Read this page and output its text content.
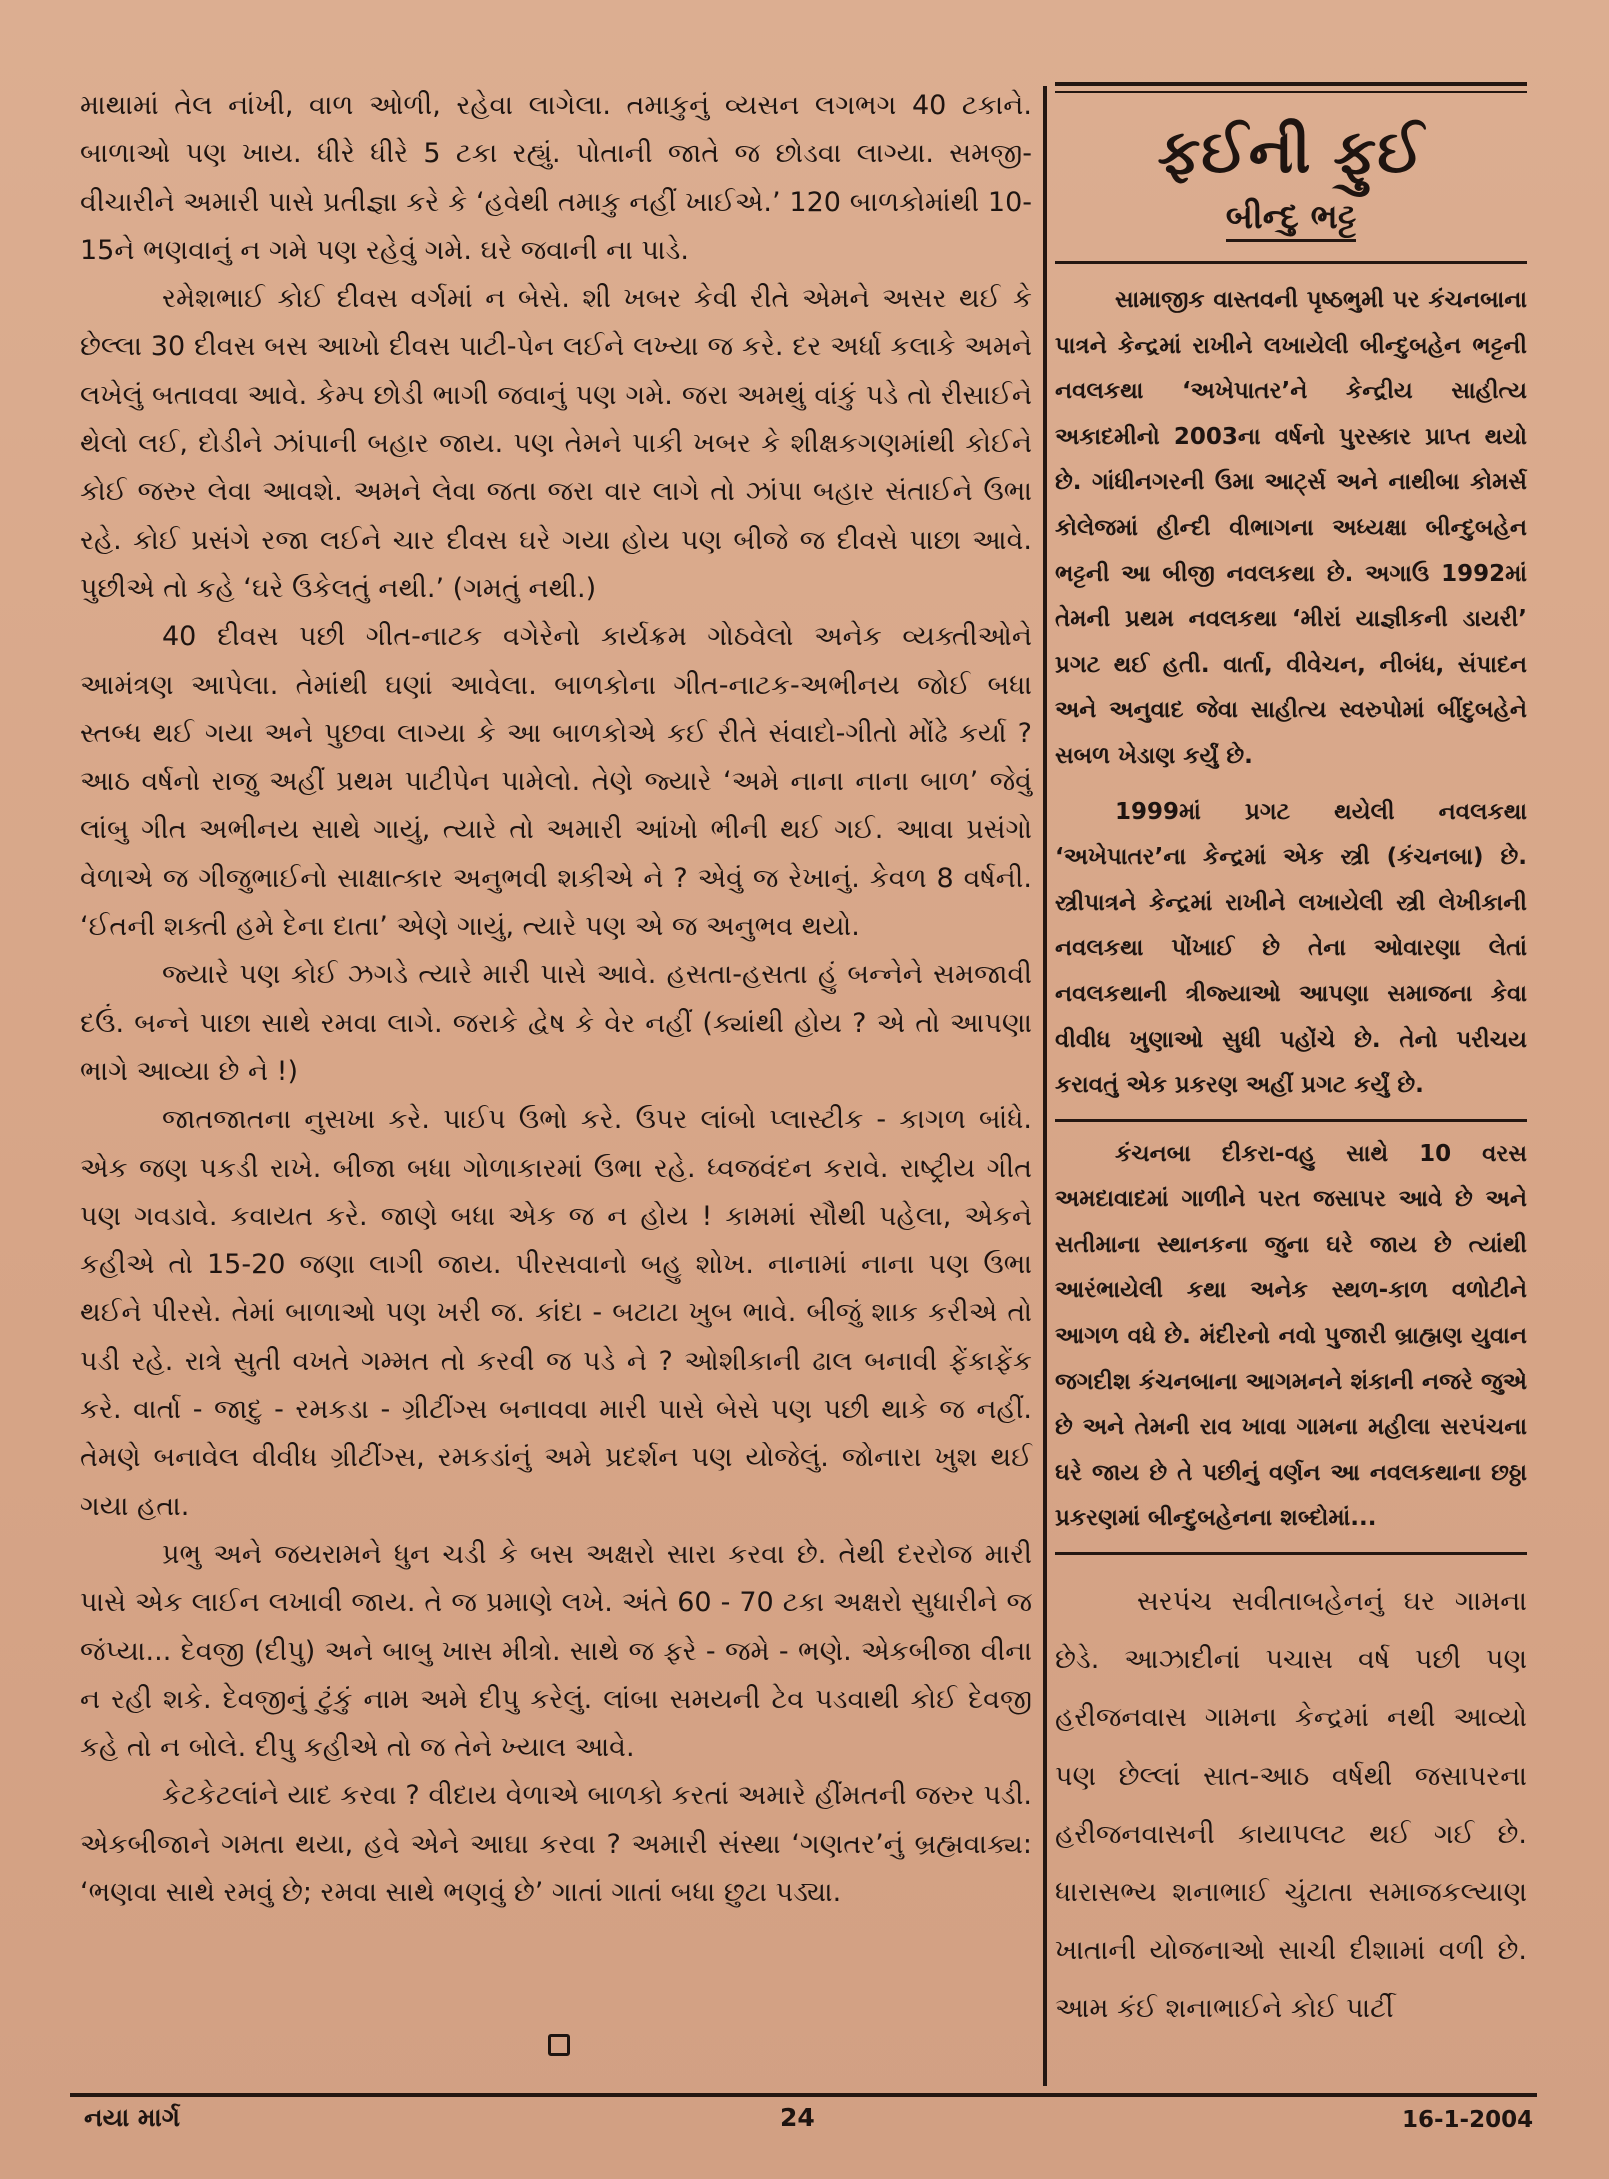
માથામાં તેલ નાંખી, વાળ ઓળી, રહેવા લાગેલા. તમાકુનું વ્યસન લગભગ 40 ટકાને. બાળાઓ પણ ખાય. ધીરે ધીરે 5 ટકા રહ્યું. પોતાની જાતે જ છોડવા લાગ્યા. સમજી-વીચારીને અમારી પાસે પ્રતીજ્ઞા કરે કે ‘હવેથી તમાકુ નહીં ખાઈએ.’ 120 બાળકોમાંથી 10-15ને ભણવાનું ન ગમે પણ રહેવું ગમે. ઘરે જવાની ના પાડે.

રમેશભાઈ કોઈ દીવસ વર્ગમાં ન બેસે. શી ખબર કેવી રીતે એમને અસર થઈ કે છેલ્લા 30 દીવસ બસ આખો દીવસ પાટી-પેન લઈને લખ્યા જ કરે. દર અર્ધા કલાકે અમને લખેલું બતાવવા આવે. કેમ્પ છોડી ભાગી જવાનું પણ ગમે. જરા અમથું વાંકું પડે તો રીસાઈને થેલો લઈ, દોડીને ઝાંપાની બહાર જાય. પણ તેમને પાકી ખબર કે શીક્ષકગણમાંથી કોઈને કોઈ જરુર લેવા આવશે. અમને લેવા જતા જરા વાર લાગે તો ઝાંપા બહાર સંતાઈને ઉભા રહે. કોઈ પ્રસંગે રજા લઈને ચાર દીવસ ઘરે ગયા હોય પણ બીજે જ દીવસે પાછા આવે. પુછીએ તો કહે ‘ઘરે ઉકેલતું નથી.’ (ગમતું નથી.)

40 દીવસ પછી ગીત-નાટક વગેરેનો કાર્યક્રમ ગોઠવેલો અનેક વ્યક્તીઓને આમંત્રણ આપેલા. તેમાંથી ઘણાં આવેલા. બાળકોના ગીત-નાટક-અભીનય જોઈ બધા સ્તબ્ધ થઈ ગયા અને પુછવા લાગ્યા કે આ બાળકોએ કઈ રીતે સંવાદો-ગીતો મોંઢે કર્યા ? આઠ વર્ષનો રાજુ અહીં પ્રથમ પાટીપેન પામેલો. તેણે જ્યારે ‘અમે નાના નાના બાળ’ જેવું લાંબુ ગીત અભીનય સાથે ગાયું, ત્યારે તો અમારી આંખો ભીની થઈ ગઈ. આવા પ્રસંગો વેળાએ જ ગીજુભાઈનો સાક્ષાત્કાર અનુભવી શકીએ ને ? એવું જ રેખાનું. કેવળ 8 વર્ષની. ‘ઈતની શક્તી હમે દેના દાતા’ એણે ગાયું, ત્યારે પણ એ જ અનુભવ થયો.

જ્યારે પણ કોઈ ઝગડે ત્યારે મારી પાસે આવે. હસતા-હસતા હું બન્નેને સમજાવી દઉં. બન્ને પાછા સાથે રમવા લાગે. જરાકે દ્વેષ કે વેર નહીં (ક્યાંથી હોય ? એ તો આપણા ભાગે આવ્યા છે ને !)

જાતજાતના નુસખા કરે. પાઈપ ઉભો કરે. ઉપર લાંબો પ્લાસ્ટીક - કાગળ બાંધે. એક જણ પકડી રાખે. બીજા બધા ગોળાકારમાં ઉભા રહે. ધ્વજવંદન કરાવે. રાષ્ટ્રીય ગીત પણ ગવડાવે. કવાયત કરે. જાણે બધા એક જ ન હોય ! કામમાં સૌથી પહેલા, એકને કહીએ તો 15-20 જણા લાગી જાય. પીરસવાનો બહુ શોખ. નાનામાં નાના પણ ઉભા થઈને પીરસે. તેમાં બાળાઓ પણ ખરી જ. કાંદા - બટાટા ખુબ ભાવે. બીજું શાક કરીએ તો પડી રહે. રાત્રે સુતી વખતે ગમ્મત તો કરવી જ પડે ને ? ઓશીકાની ઢાલ બનાવી ફેંકાફેંક કરે. વાર્તા - જાદુ - રમકડા - ગ્રીટીંગ્સ બનાવવા મારી પાસે બેસે પણ પછી થાકે જ નહીં. તેમણે બનાવેલ વીવીધ ગ્રીટીંગ્સ, રમકડાંનું અમે પ્રદર્શન પણ યોજેલું. જોનારા ખુશ થઈ ગયા હતા.

પ્રભુ અને જયરામને ધુન ચડી કે બસ અક્ષરો સારા કરવા છે. તેથી દરરોજ મારી પાસે એક લાઈન લખાવી જાય. તે જ પ્રમાણે લખે. અંતે 60 - 70 ટકા અક્ષરો સુધારીને જ જંપ્યા... દેવજી (દીપુ) અને બાબુ ખાસ મીત્રો. સાથે જ ફરે - જમે - ભણે. એકબીજા વીના ન રહી શકે. દેવજીનું ટુંકું નામ અમે દીપુ કરેલું. લાંબા સમયની ટેવ પડવાથી કોઈ દેવજી કહે તો ન બોલે. દીપુ કહીએ તો જ તેને ખ્યાલ આવે.

કેટકેટલાંને યાદ કરવા ? વીદાય વેળાએ બાળકો કરતાં અમારે હીંમતની જરુર પડી. એકબીજાને ગમતા થયા, હવે એને આઘા કરવા ? અમારી સંસ્થા ‘ગણતર’નું બ્રહ્મવાક્ય: ‘ભણવા સાથે રમવું છે; રમવા સાથે ભણવું છે’ ગાતાં ગાતાં બધા છુટા પડ્યા.

ફઈની ફુઈ
બીન્દુ ભટ્ટ

સામાજીક વાસ્તવની પૃષ્ઠભુમી પર કંચનબાના પાત્રને કેન્દ્રમાં રાખીને લખાયેલી બીન્દુબહેન ભટ્ટની નવલકથા ‘અખેપાતર’ને કેન્દ્રીય સાહીત્ય અકાદમીનો 2003ના વર્ષનો પુરસ્કાર પ્રાપ્ત થયો છે. ગાંધીનગરની ઉમા આર્ટ્સ અને નાથીબા કોમર્સ કોલેજમાં હીન્દી વીભાગના અધ્યક્ષા બીન્દુબહેન ભટ્ટની આ બીજી નવલકથા છે. અગાઉ 1992માં તેમની પ્રથમ નવલકથા ‘મીરાં યાજ્ઞીકની ડાયરી’ પ્રગટ થઈ હતી. વાર્તા, વીવેચન, નીબંધ, સંપાદન અને અનુવાદ જેવા સાહીત્ય સ્વરુપોમાં બીંદુબહેને સબળ ખેડાણ કર્યું છે.

1999માં પ્રગટ થયેલી નવલકથા ‘અખેપાતર’ના કેન્દ્રમાં એક સ્ત્રી (કંચનબા) છે. સ્ત્રીપાત્રને કેન્દ્રમાં રાખીને લખાયેલી સ્ત્રી લેખીકાની નવલકથા પોંખાઈ છે તેના ઓવારણા લેતાં નવલકથાની ત્રીજ્યાઓ આપણા સમાજના કેવા વીવીધ ખુણાઓ સુધી પહોંચે છે. તેનો પરીચય કરાવતું એક પ્રકરણ અહીં પ્રગટ કર્યું છે.

કંચનબા દીકરા-વહુ સાથે 10 વરસ અમદાવાદમાં ગાળીને પરત જસાપર આવે છે અને સતીમાના સ્થાનકના જુના ઘરે જાય છે ત્યાંથી આરંભાયેલી કથા અનેક સ્થળ-કાળ વળોટીને આગળ વધે છે. મંદીરનો નવો પુજારી બ્રાહ્મણ યુવાન જગદીશ કંચનબાના આગમનને શંકાની નજરે જુએ છે અને તેમની રાવ ખાવા ગામના મહીલા સરપંચના ઘરે જાય છે તે પછીનું વર્ણન આ નવલકથાના છઠ્ઠા પ્રકરણમાં બીન્દુબહેનના શબ્દોમાં...

સરપંચ સવીતાબહેનનું ઘર ગામના છેડે. આઝાદીનાં પચાસ વર્ષ પછી પણ હરીજનવાસ ગામના કેન્દ્રમાં નથી આવ્યો પણ છેલ્લાં સાત-આઠ વર્ષથી જસાપરના હરીજનવાસની કાયાપલટ થઈ ગઈ છે. ધારાસભ્ય શનાભાઈ ચુંટાતા સમાજકલ્યાણ ખાતાની યોજનાઓ સાચી દીશામાં વળી છે. આમ કંઈ શનાભાઈને કોઈ પાર્ટી

નયા માર્ગ	24	16-1-2004
